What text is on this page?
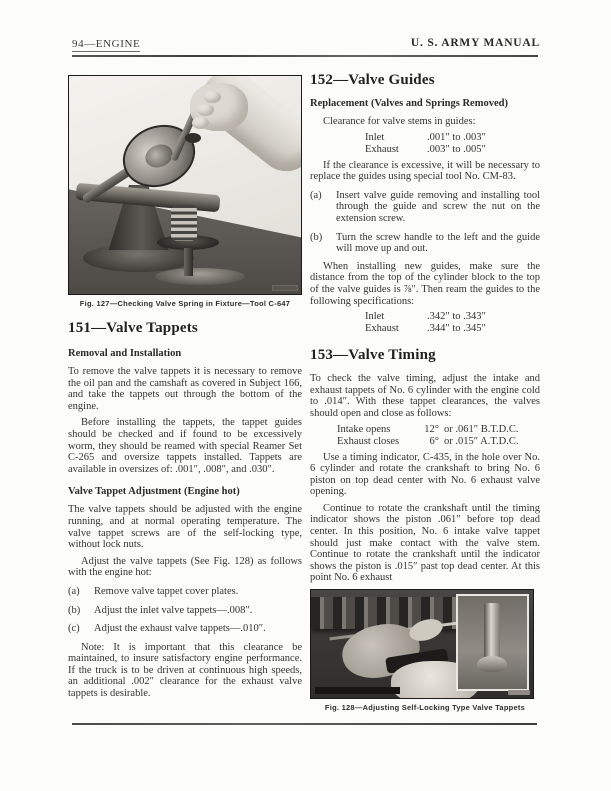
94—ENGINE	U. S. ARMY MANUAL
Fig. 127—Checking Valve Spring in Fixture—Tool C-647
151—Valve Tappets
Removal and Installation

To remove the valve tappets it is necessary to remove the oil pan and the camshaft as covered in Subject 166, and take the tappets out through the bottom of the engine.

Before installing the tappets, the tappet guides should be checked and if found to be excessively worm, they should be reamed with special Reamer Set C-265 and oversize tappets installed. Tappets are available in oversizes of: .001″, .008″, and .030″.

Valve Tappet Adjustment (Engine hot)

The valve tappets should be adjusted with the engine running, and at normal operating temperature. The valve tappet screws are of the self-locking type, without lock nuts.

Adjust the valve tappets (See Fig. 128) as follows with the engine hot:

(a)	Remove valve tappet cover plates.
(b)	Adjust the inlet valve tappets—.008″.
(c)	Adjust the exhaust valve tappets—.010″.

Note: It is important that this clearance be maintained, to insure satisfactory engine performance. If the truck is to be driven at continuous high speeds, an additional .002″ clearance for the exhaust valve tappets is desirable.

152—Valve Guides
Replacement (Valves and Springs Removed)

Clearance for valve stems in guides:

Inlet	.001″ to .003″
Exhaust	.003″ to .005″

If the clearance is excessive, it will be necessary to replace the guides using special tool No. CM-83.

(a)	Insert valve guide removing and installing tool through the guide and screw the nut on the extension screw.
(b)	Turn the screw handle to the left and the guide will move up and out.

When installing new guides, make sure the distance from the top of the cylinder block to the top of the valve guides is ⅞″. Then ream the guides to the following specifications:

Inlet	.342″ to .343″
Exhaust	.344″ to .345″
153—Valve Timing

To check the valve timing, adjust the intake and exhaust tappets of No. 6 cylinder with the engine cold to .014″. With these tappet clearances, the valves should open and close as follows:

Intake opens	12° or .061″ B.T.D.C.
Exhaust closes	6° or .015″ A.T.D.C.

Use a timing indicator, C-435, in the hole over No. 6 cylinder and rotate the crankshaft to bring No. 6 piston on top dead center with No. 6 exhaust valve opening.

Continue to rotate the crankshaft until the timing indicator shows the piston .061″ before top dead center. In this position, No. 6 intake valve tappet should just make contact with the valve stem. Continue to rotate the crankshaft until the indicator shows the piston is .015″ past top dead center. At this point No. 6 exhaust

Fig. 128—Adjusting Self-Locking Type Valve Tappets
